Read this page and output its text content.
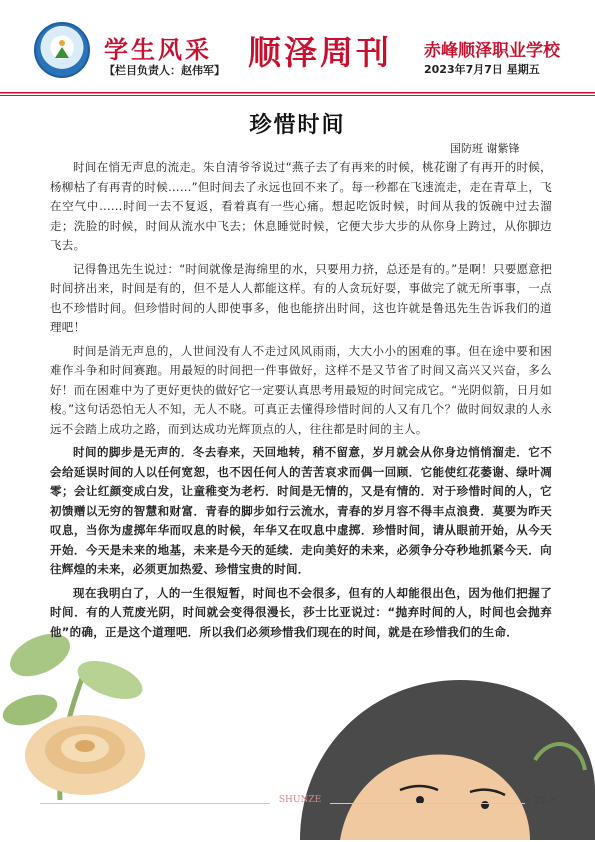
学生风采
【栏目负责人：赵伟军】 顺泽周刊 赤峰顺泽职业学校
2023年7月7日 星期五
珍惜时间
国防班 谢紫锋

时间在悄无声息的流走。朱自清爷爷说过“燕子去了有再来的时候，桃花谢了有再开的时候，杨柳枯了有再青的时候……”但时间去了永远也回不来了。每一秒都在飞速流走，走在青草上，飞在空气中……时间一去不复返，看着真有一些心痛。想起吃饭时候，时间从我的饭碗中过去溜走；洗脸的时候，时间从流水中飞去；休息睡觉时候，它便大步大步的从你身上跨过，从你脚边飞去。

记得鲁迅先生说过：“时间就像是海绵里的水，只要用力挤，总还是有的。”是啊！只要愿意把时间挤出来，时间是有的，但不是人人都能这样。有的人贪玩好耍，事做完了就无所事事，一点也不珍惜时间。但珍惜时间的人即使事多，他也能挤出时间，这也许就是鲁迅先生告诉我们的道理吧！

时间是消无声息的，人世间没有人不走过风风雨雨，大大小小的困难的事。但在途中要和困难作斗争和时间赛跑。用最短的时间把一件事做好，这样不是又节省了时间又高兴又兴奋，多么好！而在困难中为了更好更快的做好它一定要认真思考用最短的时间完成它。“光阴似箭，日月如梭。”这句话恐怕无人不知，无人不晓。可真正去懂得珍惜时间的人又有几个？做时间奴隶的人永远不会踏上成功之路，而到达成功光辉顶点的人，往往都是时间的主人。

时间的脚步是无声的．冬去春来，天回地转，稍不留意，岁月就会从你身边悄悄溜走．它不会给延误时间的人以任何宽恕，也不因任何人的苦苦哀求而偶一回顾．它能使红花萎谢、绿叶凋零；会让红颜变成白发，让童稚变为老朽．时间是无情的，又是有情的．对于珍惜时间的人，它初馈赠以无穷的智慧和财富．青春的脚步如行云流水，青春的岁月容不得丰点浪费．莫要为昨天叹息，当你为虚掷年华而叹息的时候，年华又在叹息中虚掷．珍惜时间，请从眼前开始，从今天开始．今天是未来的地基，未来是今天的延续．走向美好的未来，必须争分夺秒地抓紧今天．向往辉煌的未来，必须更加热爱、珍惜宝贵的时间．

现在我明白了，人的一生很短暂，时间也不会很多，但有的人却能很出色，因为他们把握了时间．有的人荒废光阴，时间就会变得很漫长，莎士比亚说过：“抛弃时间的人，时间也会抛弃他”的确，正是这个道理吧．所以我们必须珍惜我们现在的时间，就是在珍惜我们的生命．

SHUNZE	• 25 •
